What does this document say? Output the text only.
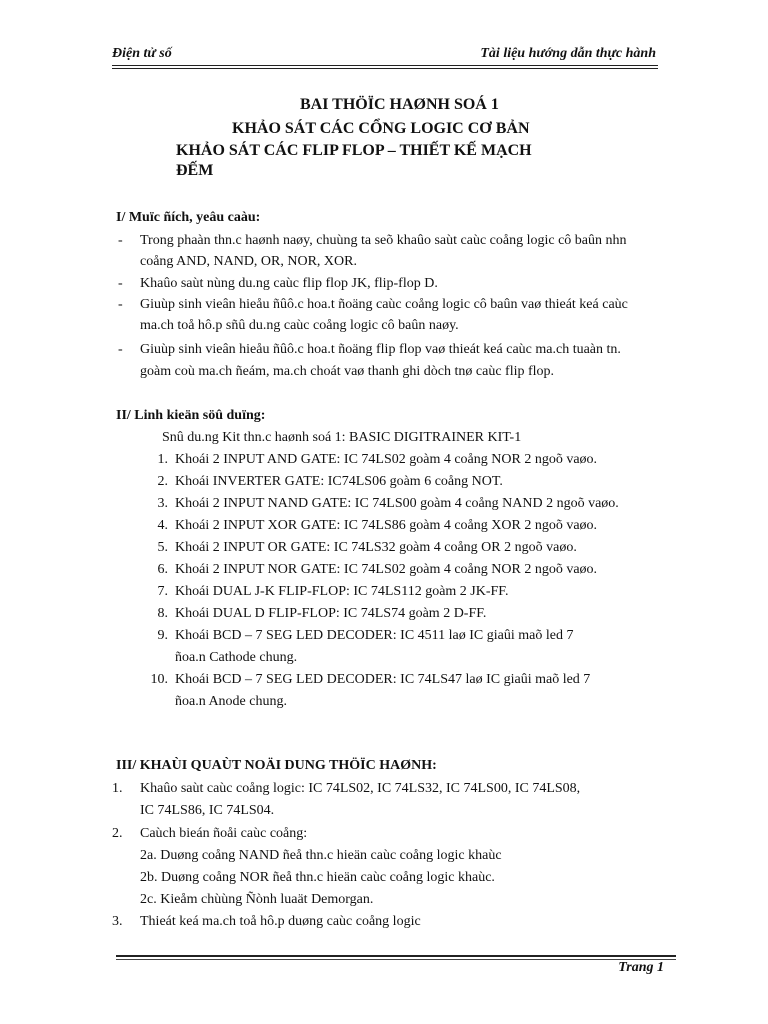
Điện tử số	Tài liệu hướng dẫn thực hành
BAI THÖÏC HAØNH SOÁ 1
KHẢO SÁT CÁC CỔNG LOGIC CƠ BẢN
KHẢO SÁT CÁC FLIP FLOP – THIẾT KẾ MẠCH
ĐẾM
I/ Muïc ñích, yeâu caàu:
- Trong phaàn thn.c haønh naøy, chuùng ta seõ khaûo saùt caùc coång logic cô baûn nhn
coång AND, NAND, OR, NOR, XOR.
- Khaûo saùt nùng du.ng caùc flip flop JK, flip-flop D.
- Giuùp sinh vieân hieåu ñûô.c hoa.t ñoäng caùc coång logic cô baûn vaø thieát keá caùc
ma.ch toå hô.p sñû du.ng caùc coång logic cô baûn naøy.
- Giuùp sinh vieân hieåu ñûô.c hoa.t ñoäng flip flop vaø thieát keá caùc ma.ch tuaàn tn.
goàm coù ma.ch ñeám, ma.ch choát vaø thanh ghi dòch tnø caùc flip flop.
II/ Linh kieän söû duïng:
Snû du.ng Kit thn.c haønh soá 1: BASIC DIGITRAINER KIT-1
1. Khoái 2 INPUT AND GATE: IC 74LS02 goàm 4 coång NOR 2 ngoõ vaøo.
2. Khoái INVERTER GATE: IC74LS06 goàm 6 coång NOT.
3. Khoái 2 INPUT NAND GATE: IC 74LS00 goàm 4 coång NAND 2 ngoõ vaøo.
4. Khoái 2 INPUT XOR GATE: IC 74LS86 goàm 4 coång XOR 2 ngoõ vaøo.
5. Khoái 2 INPUT OR GATE: IC 74LS32 goàm 4 coång OR 2 ngoõ vaøo.
6. Khoái 2 INPUT NOR GATE: IC 74LS02 goàm 4 coång NOR 2 ngoõ vaøo.
7. Khoái DUAL J-K FLIP-FLOP: IC 74LS112 goàm 2 JK-FF.
8. Khoái DUAL D FLIP-FLOP: IC 74LS74 goàm 2 D-FF.
9. Khoái BCD – 7 SEG LED DECODER: IC 4511 laø IC giaûi maõ led 7
ñoa.n Cathode chung.
10. Khoái BCD – 7 SEG LED DECODER: IC 74LS47 laø IC giaûi maõ led 7
ñoa.n Anode chung.
III/ KHAÙI QUAÙT NOÄI DUNG THÖÏC HAØNH:
1.	Khaûo saùt caùc coång logic: IC 74LS02, IC 74LS32, IC 74LS00, IC 74LS08,
IC 74LS86, IC 74LS04.
2.	Caùch bieán ñoåi caùc coång:
2a. Duøng coång NAND ñeå thn.c hieän caùc coång logic khaùc
2b. Duøng coång NOR ñeå thn.c hieän caùc coång logic khaùc.
2c. Kieåm chùùng Ñònh luaät Demorgan.
3.	Thieát keá ma.ch toå hô.p duøng caùc coång logic
Trang 1
